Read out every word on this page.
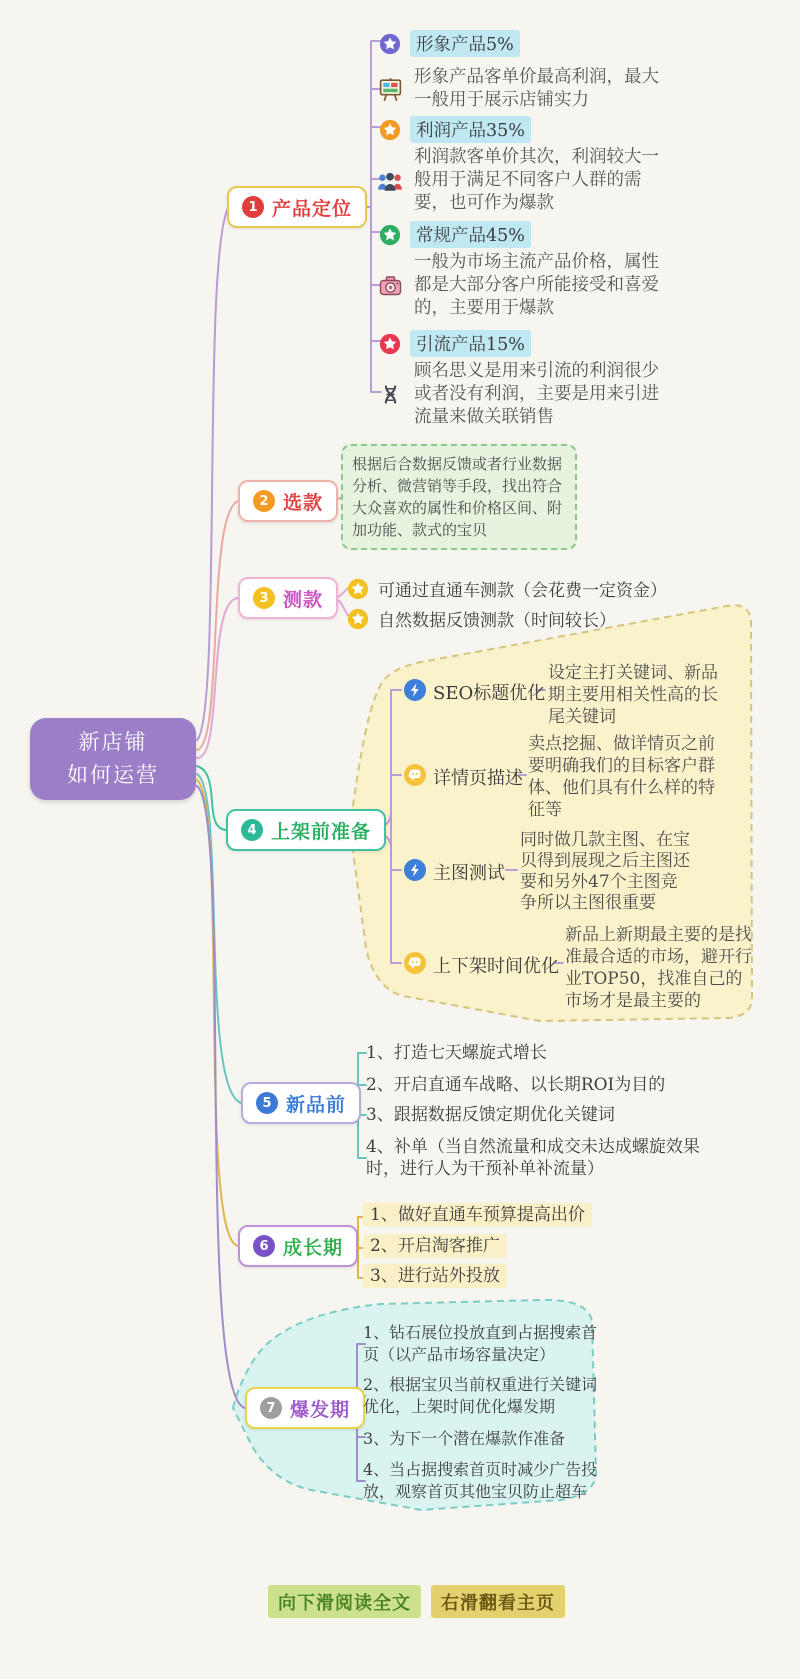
新店铺
如何运营
1 产品定位
2 选款
3 测款
4 上架前准备
5 新品前
6 成长期
7 爆发期
形象产品5%

形象产品客单价最高利润，最大一般用于展示店铺实力

利润产品35%

利润款客单价其次，利润较大一般用于满足不同客户人群的需要，也可作为爆款

常规产品45%

一般为市场主流产品价格，属性都是大部分客户所能接受和喜爱的，主要用于爆款

引流产品15%

顾名思义是用来引流的利润很少或者没有利润，主要是用来引进流量来做关联销售

根据后合数据反馈或者行业数据分析、微营销等手段，找出符合大众喜欢的属性和价格区间、附加功能、款式的宝贝

可通过直通车测款（会花费一定资金）
自然数据反馈测款（时间较长）
SEO标题优化

设定主打关键词、新品期主要用相关性高的长尾关键词

详情页描述

卖点挖掘、做详情页之前要明确我们的目标客户群体、他们具有什么样的特征等

主图测试

同时做几款主图、在宝贝得到展现之后主图还要和另外47个主图竞争所以主图很重要

上下架时间优化

新品上新期最主要的是找准最合适的市场，避开行业TOP50，找准自己的市场才是最主要的

1、打造七天螺旋式增长
2、开启直通车战略、以长期ROI为目的
3、跟据数据反馈定期优化关键词
4、补单（当自然流量和成交未达成螺旋效果时，进行人为干预补单补流量）
1、做好直通车预算提高出价
2、开启淘客推广
3、进行站外投放
1、钻石展位投放直到占据搜索首页（以产品市场容量决定）
2、根据宝贝当前权重进行关键词优化，上架时间优化爆发期
3、为下一个潜在爆款作准备
4、当占据搜索首页时减少广告投放，观察首页其他宝贝防止超车
向下滑阅读全文	右滑翻看主页
